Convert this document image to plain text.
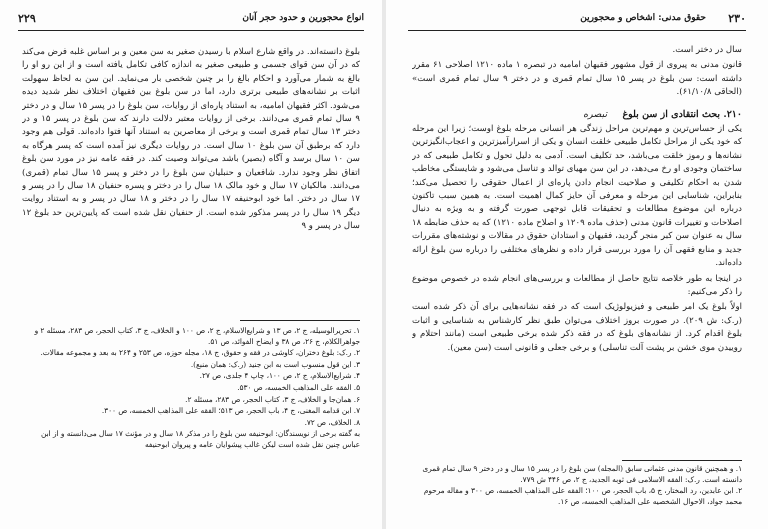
۲۲۹	انواع محجورین و حدود حجر آنان

بلوغ دانسته‌اند. در واقع شارع اسلام با رسیدن صغیر به سن معین و بر اساس غلبه فرض می‌کند که در آن سن قوای جسمی و طبیعی صغیر به اندازه کافی تکامل یافته است و از این رو او را بالغ به شمار می‌آورد و احکام بالغ را بر چنین شخصی بار می‌نماید. این سن به لحاظ سهولت اثبات بر نشانه‌های طبیعی برتری دارد، اما در سن بلوغ بین فقیهان اختلاف نظر شدید دیده می‌شود. اکثر فقیهان امامیه، به استناد پاره‌ای از روایات، سن بلوغ را در پسر ۱۵ سال و در دختر ۹ سال تمام قمری می‌دانند. برخی از روایات معتبر دلالت دارند که سن بلوغ در پسر ۱۵ و در دختر ۱۳ سال تمام قمری است و برخی از معاصرین به استناد آنها فتوا داده‌اند. قولی هم وجود دارد که برطبق آن سن بلوغ ۱۰ سال است. در روایات دیگری نیز آمده است که پسر هرگاه به سن ۱۰ سال برسد و آگاه (بصیر) باشد می‌تواند وصیت کند. در فقه عامه نیز در مورد سن بلوغ اتفاق نظر وجود ندارد. شافعیان و حنبلیان سن بلوغ را در دختر و پسر ۱۵ سال تمام (قمری) می‌دانند. مالکیان ۱۷ سال و خود مالک ۱۸ سال را در دختر و پسره حنفیان ۱۸ سال را در پسر و ۱۷ سال در دختر. اما خود ابوحنیفه ۱۷ سال را در دختر و ۱۸ سال در پسر و به استناد روایت دیگر ۱۹ سال را در پسر مذکور شده است. از حنفیان نقل شده است که پایین‌ترین حد بلوغ ۱۲ سال در پسر و ۹

۱. تحریرالوسیله، ج ۲، ص ۱۳ و شرایع‌الاسلام، ج ۲، ص ۱۰۰ و الخلاف، ج ۳، کتاب الحجر، ص ۲۸۳، مسئله ۲ و جواهرالکلام، ج ۲۶، ص ۳۸ و ایضاح الفوائد، ص ۵۱.

۲. ر.ک: بلوغ دختران، کاوشی در فقه و حقوق، ج ۱۸، مجله حوزه، ص ۲۵۳ و ۲۶۴ به بعد و مجموعه مقالات.

۳. این قول منسوب است به ابن جنید (ر.ک: همان منبع).

۴. شرایع‌الاسلام، ج ۲، ص ۱۰۰، چاپ ۴ جلدی، ص ۲۷.

۵. الفقه علی المذاهب الخمسه، ص ۵۳۰.

۶. همان‌جا و الخلاف، ج ۳، کتاب الحجر، ص ۲۸۳، مسئله ۲.

۷. ابن قدامه المغنی، ج ۴، باب الحجر، ص ۵۱۳؛ الفقه علی المذاهب الخمسه، ص ۳۰۰.

۸. الخلاف، ص ۷۲.

به گفته برخی از نویسندگان: ابوحنیفه سن بلوغ را در مذکر ۱۸ سال و در مؤنث ۱۷ سال می‌دانسته و از ابن عباس چنین نقل شده است لیکن غالب پیشوایان عامه و پیروان ابوحنیفه

۲۳۰
حقوق مدنی: اشخاص و محجورین

سال در دختر است.

قانون مدنی به پیروی از قول مشهور فقیهان امامیه در تبصره ۱ ماده ۱۲۱۰ اصلاحی ۶۱ مقرر داشته است: سن بلوغ در پسر ۱۵ سال تمام قمری و در دختر ۹ سال تمام قمری است» (الحاقی ۶۱/۱۰/۸).

۲۱۰. بحث انتقادی از سن بلوغ تبصره

یکی از حساس‌ترین و مهم‌ترین مراحل زندگی هر انسانی مرحله بلوغ اوست؛ زیرا این مرحله که خود یکی از مراحل تکامل طبیعی خلقت انسان و یکی از اسرارآمیزترین و اعجاب‌انگیزترین نشانه‌ها و رموز خلقت می‌باشد، حد تکلیف است. آدمی به دلیل تحول و تکامل طبیعی که در ساختمان وجودی او رخ می‌دهد، در این سن مهیای توالد و تناسل می‌شود و شایستگی مخاطب شدن به احکام تکلیفی و صلاحیت انجام دادن پاره‌ای از اعمال حقوقی را تحصیل می‌کند؛ بنابراین، شناسایی این مرحله و معرفی آن حایز کمال اهمیت است. به همین سبب تاکنون درباره این موضوع مطالعات و تحقیقات قابل توجهی صورت گرفته و به ویژه به دنبال اصلاحات و تغییرات قانون مدنی (حذف ماده ۱۲۰۹ و اصلاح ماده ۱۲۱۰) که به حذف ضابطه ۱۸ سال به عنوان سن کبر منجر گردید، فقیهان و استادان حقوق در مقالات و نوشته‌های مقررات جدید و منابع فقهی آن را مورد بررسی قرار داده و نظرهای مختلفی را درباره سن بلوغ ارائه داده‌اند.

در اینجا به طور خلاصه نتایج حاصل از مطالعات و بررسی‌های انجام شده در خصوص موضوع را ذکر می‌کنیم:

اولاً بلوغ یک امر طبیعی و فیزیولوژیک است که در فقه نشانه‌هایی برای آن ذکر شده است (ر.ک: ش ۲۰۹). در صورت بروز اختلاف می‌توان طبق نظر کارشناس به شناسایی و اثبات بلوغ اقدام کرد. از نشانه‌های بلوغ که در فقه ذکر شده برخی طبیعی است (مانند احتلام و روییدن موی خشن بر پشت آلت تناسلی) و برخی جعلی و قانونی است (سن معین).

۱. و همچنین قانون مدنی عثمانی سابق (المجله) سن بلوغ را در پسر ۱۵ سال و در دختر ۹ سال تمام قمری دانسته است. ر.ک: الفقه الاسلامی فی ثوبه الجدید، ج ۲، ص ۴۴۶ ش ۷۷۹.

۲. ابن عابدین، رد المختار، ج ۵، باب الحجر، ص ۱۰۰؛ الفقه علی المذاهب الخمسه، ص ۳۰۰ و مقاله مرحوم محمد جواد، الاحوال الشخصیه علی المذاهب الخمسه، ص ۱۶.
